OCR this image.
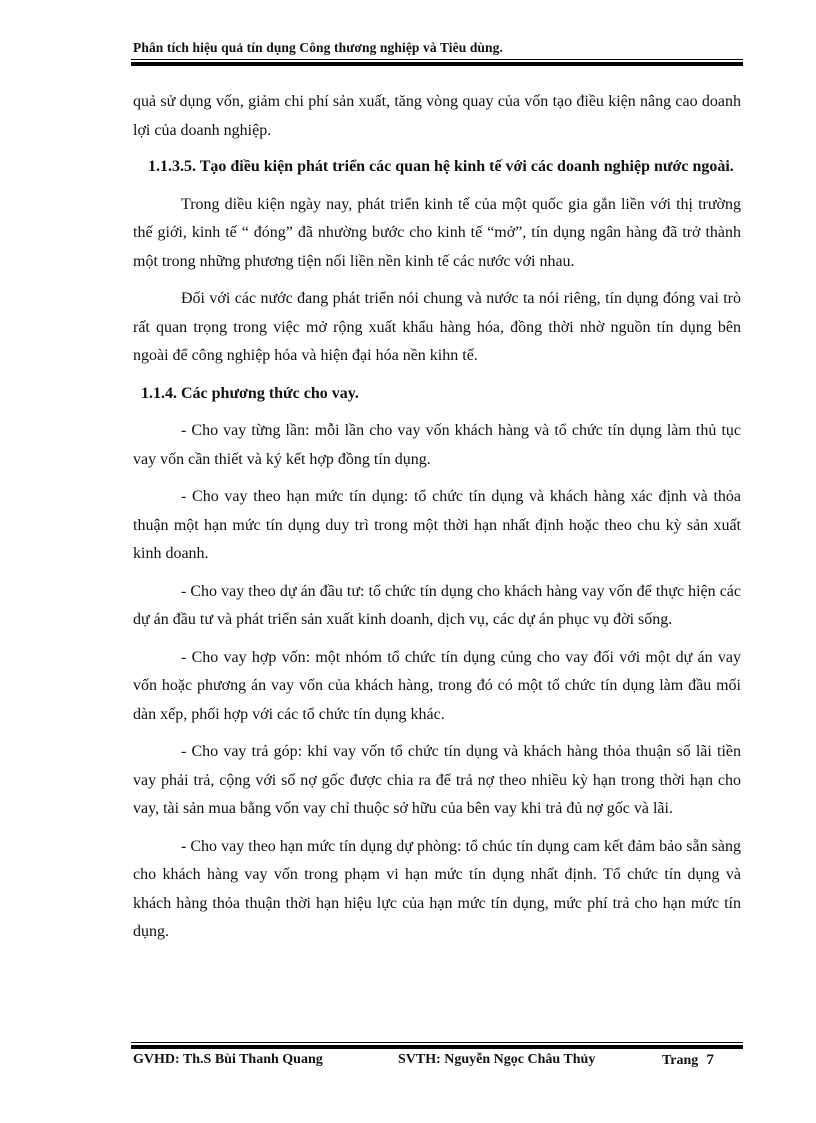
Phân tích hiệu quả tín dụng Công thương nghiệp và Tiêu dùng.

quả sử dụng vốn, giảm chi phí sản xuất, tăng vòng quay của vốn tạo điều kiện nâng cao doanh lợi của doanh nghiệp.

1.1.3.5. Tạo điều kiện phát triển các quan hệ kinh tế với các doanh nghiệp nước ngoài.

Trong diều kiện ngày nay, phát triển kinh tế của một quốc gia gắn liền với thị trường thế giới, kinh tế “ đóng” đã nhường bước cho kinh tế “mở”, tín dụng ngân hàng đã trở thành một trong những phương tiện nối liền nền kinh tế các nước với nhau.

Đối với các nước đang phát triển nói chung và nước ta nói riêng, tín dụng đóng vai trò rất quan trọng trong việc mở rộng xuất khẩu hàng hóa, đồng thời nhờ nguồn tín dụng bên ngoài để công nghiệp hóa và hiện đại hóa nền kihn tế.

1.1.4. Các phương thức cho vay.

- Cho vay từng lần: mỗi lần cho vay vốn khách hàng và tổ chức tín dụng làm thủ tục vay vốn cần thiết và ký kết hợp đồng tín dụng.

- Cho vay theo hạn mức tín dụng: tổ chức tín dụng và khách hàng xác định và thỏa thuận một hạn mức tín dụng duy trì trong một thời hạn nhất định hoặc theo chu kỳ sản xuất kinh doanh.

- Cho vay theo dự án đầu tư: tổ chức tín dụng cho khách hàng vay vốn để thực hiện các dự án đầu tư và phát triển sản xuất kinh doanh, dịch vụ, các dự án phục vụ đời sống.

- Cho vay hợp vốn: một nhóm tổ chức tín dụng củng cho vay đối với một dự án vay vốn hoặc phương án vay vốn của khách hàng, trong đó có một tổ chức tín dụng làm đầu mối dàn xếp, phối hợp với các tổ chức tín dụng khác.

- Cho vay trả góp: khi vay vốn tổ chức tín dụng và khách hàng thỏa thuận số lãi tiền vay phải trả, cộng với số nợ gốc được chia ra để trả nợ theo nhiều kỳ hạn trong thời hạn cho vay, tài sản mua bằng vốn vay chỉ thuộc sở hữu của bên vay khi trả đủ nợ gốc và lãi.

- Cho vay theo hạn mức tín dụng dự phòng: tổ chúc tín dụng cam kết đảm bảo sẵn sàng cho khách hàng vay vốn trong phạm vi hạn mức tín dụng nhất định. Tổ chức tín dụng và khách hàng thỏa thuận thời hạn hiệu lực của hạn mức tín dụng, mức phí trả cho hạn mức tín dụng.

GVHD: Th.S Bùi Thanh Quang	SVTH: Nguyễn Ngọc Châu Thủy	Trang 7
